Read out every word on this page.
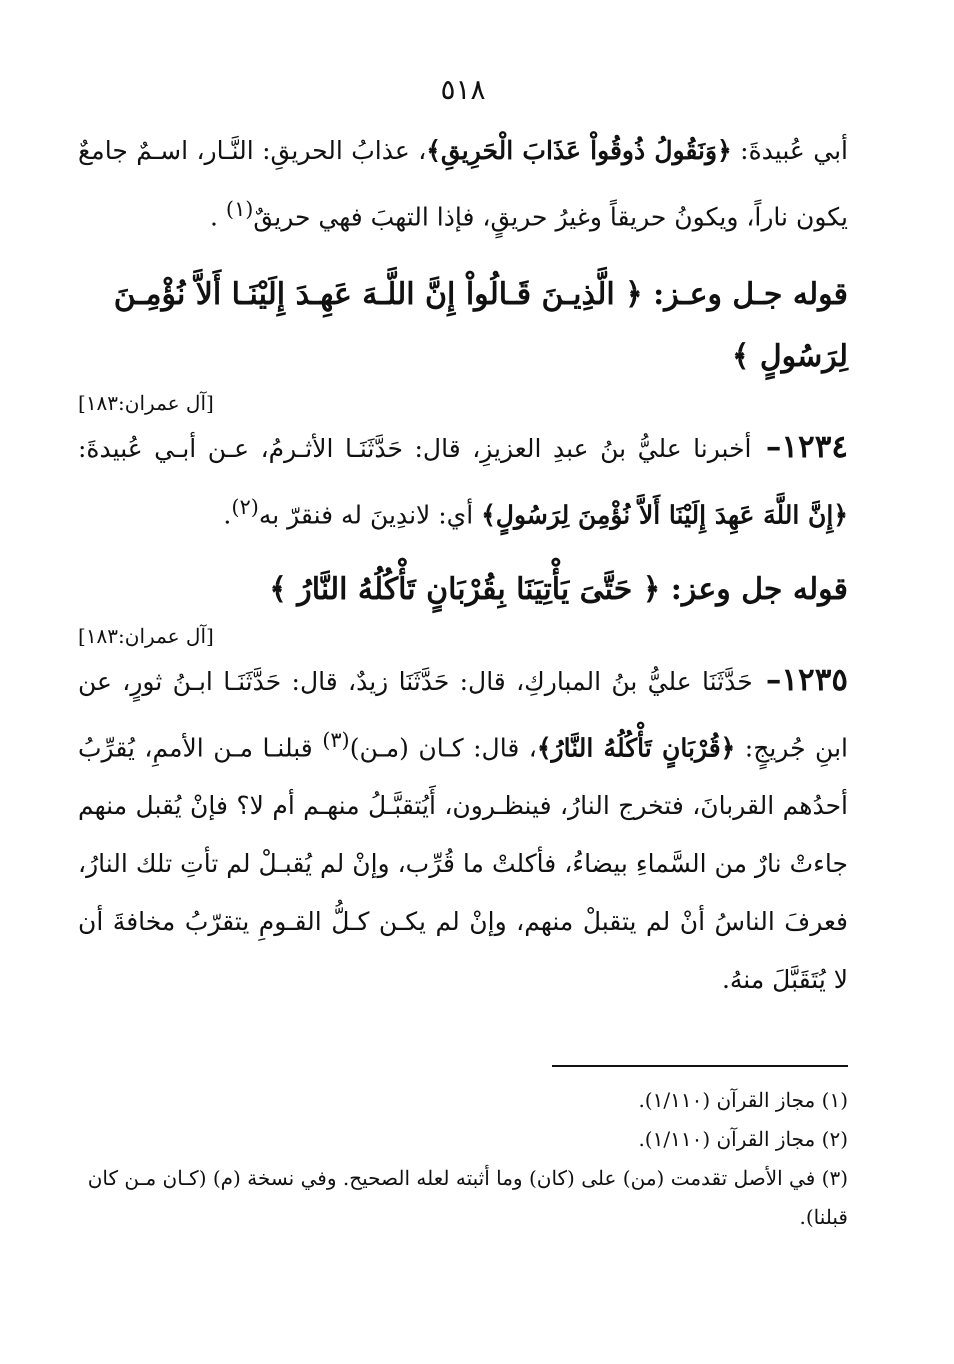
٥١٨

أبي عُبيدةَ: ﴿وَنَقُولُ ذُوقُواْ عَذَابَ الْحَرِيقِ﴾، عذابُ الحريقِ: النَّـار، اسـمٌ جامعٌ يكون ناراً، ويكونُ حريقاً وغيرُ حريقٍ، فإذا التهبَ فهي حريقٌ$^{(١)}$ .

قوله جـل وعـز: ﴿ الَّذِيـنَ قَـالُواْ إِنَّ اللَّـهَ عَهِـدَ إِلَيْنَـا أَلاَّ نُؤْمِـنَ لِرَسُولٍ ﴾

[آل عمران:١٨٣]

١٢٣٤– أخبرنا عليُّ بنُ عبدِ العزيزِ، قال: حَدَّثَنَـا الأثـرمُ، عـن أبـي عُبيدةَ: ﴿إِنَّ اللَّهَ عَهِدَ إِلَيْنَا أَلاَّ نُؤْمِنَ لِرَسُولٍ﴾ أي: لاندِينَ له فنقرّ به$^{(٢)}$.

قوله جل وعز: ﴿ حَتَّىَ يَأْتِيَنَا بِقُرْبَانٍ تَأْكُلُهُ النَّارُ ﴾

[آل عمران:١٨٣]

١٢٣٥– حَدَّثَنَا عليُّ بنُ المباركِ، قال: حَدَّثَنَا زيدٌ، قال: حَدَّثَنَـا ابـنُ ثورٍ، عن ابنِ جُريجٍ: ﴿قُرْبَانٍ تَأْكُلُهُ النَّارُ﴾، قال: كـان (مـن)$^{(٣)}$ قبلنـا مـن الأممِ، يُقرِّبُ أحدُهم القربانَ، فتخرج النارُ، فينظـرون، أَيُتقبَّـلُ منهـم أم لا؟ فإنْ يُقبل منهم جاءتْ نارٌ من السَّماءِ بيضاءُ، فأكلتْ ما قُرِّب، وإنْ لم يُقبـلْ لم تأتِ تلك النارُ، فعرفَ الناسُ أنْ لم يتقبلْ منهم، وإنْ لم يكـن كـلُّ القـومِ يتقرّبُ مخافةَ أن لا يُتَقَبَّلَ منهُ.

(١) مجاز القرآن (١/١١٠).

(٢) مجاز القرآن (١/١١٠).

(٣) في الأصل تقدمت (من) على (كان) وما أثبته لعله الصحيح. وفي نسخة (م) (كـان مـن كان قبلنا).
